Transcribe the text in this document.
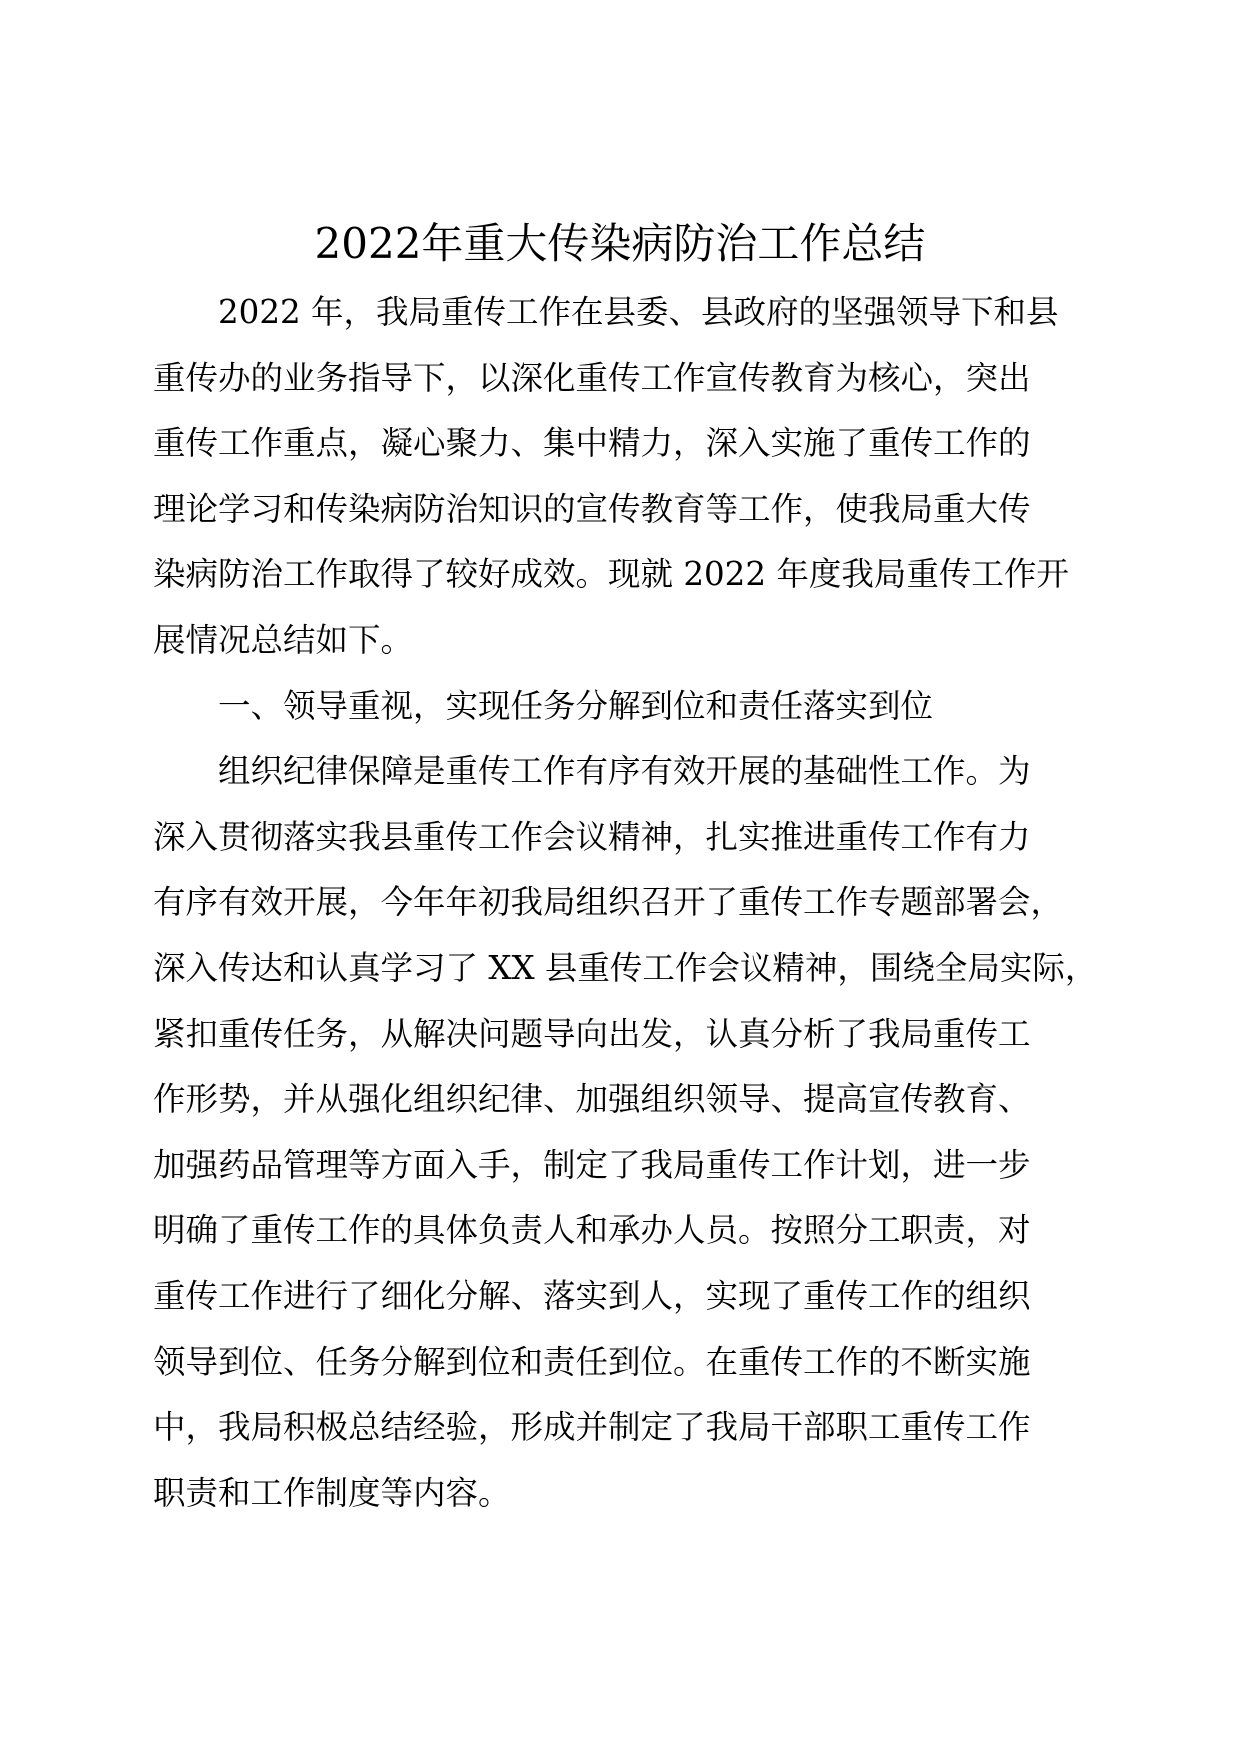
2022年重大传染病防治工作总结
2022 年，我局重传工作在县委、县政府的坚强领导下和县
重传办的业务指导下，以深化重传工作宣传教育为核心，突出
重传工作重点，凝心聚力、集中精力，深入实施了重传工作的
理论学习和传染病防治知识的宣传教育等工作，使我局重大传
染病防治工作取得了较好成效。现就 2022 年度我局重传工作开
展情况总结如下。
一、领导重视，实现任务分解到位和责任落实到位
组织纪律保障是重传工作有序有效开展的基础性工作。为
深入贯彻落实我县重传工作会议精神，扎实推进重传工作有力
有序有效开展，今年年初我局组织召开了重传工作专题部署会，
深入传达和认真学习了 XX 县重传工作会议精神，围绕全局实际，
紧扣重传任务，从解决问题导向出发，认真分析了我局重传工
作形势，并从强化组织纪律、加强组织领导、提高宣传教育、
加强药品管理等方面入手，制定了我局重传工作计划，进一步
明确了重传工作的具体负责人和承办人员。按照分工职责，对
重传工作进行了细化分解、落实到人，实现了重传工作的组织
领导到位、任务分解到位和责任到位。在重传工作的不断实施
中，我局积极总结经验，形成并制定了我局干部职工重传工作
职责和工作制度等内容。
